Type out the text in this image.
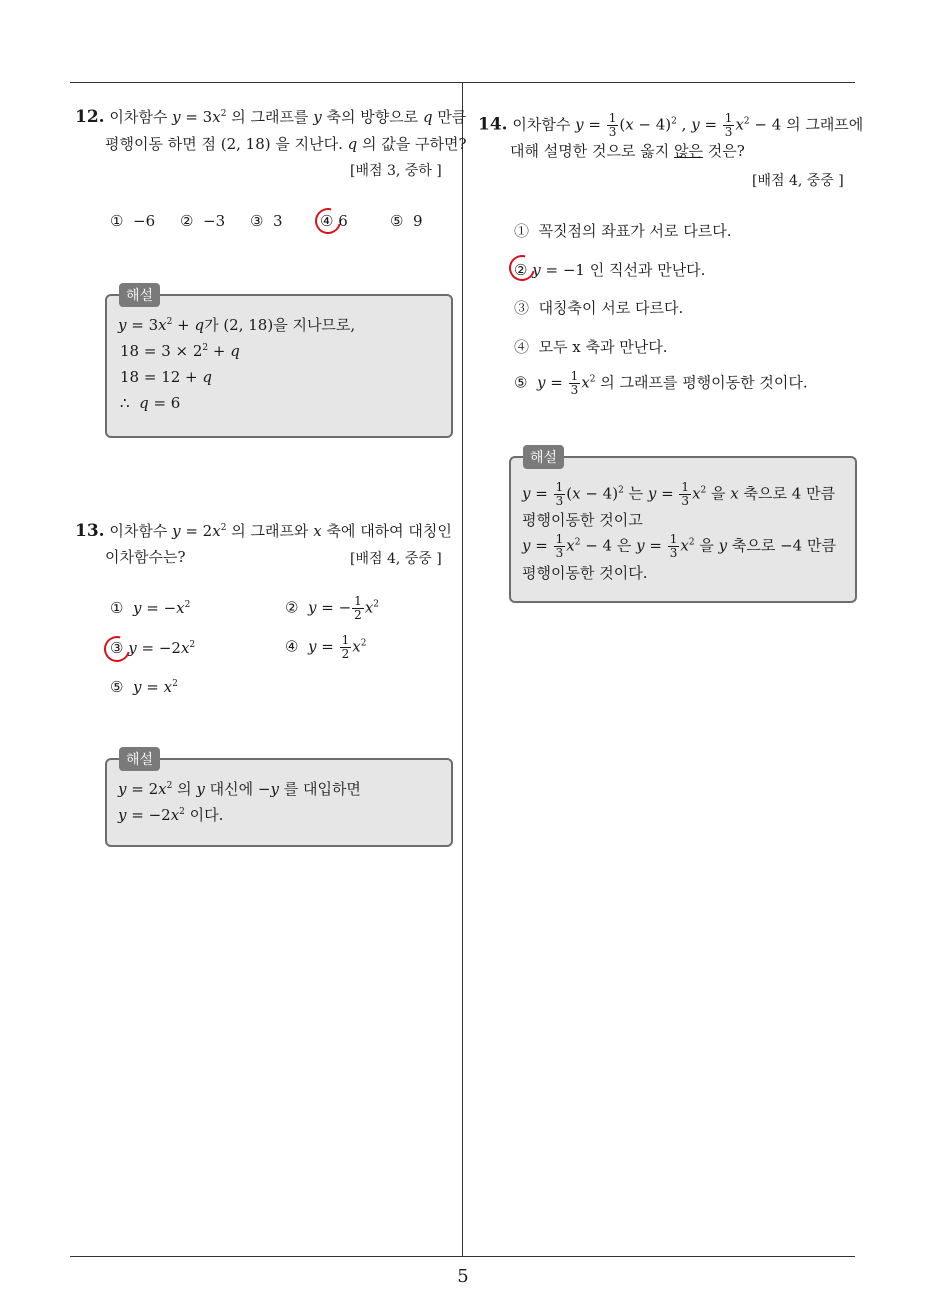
5
12. 이차함수 $y = 3x^2$ 의 그래프를 y 축의 방향으로 q 만큼
평행이동 하면 점 (2, 18) 을 지난다. q 의 값을 구하면?
[배점 3, 중하 ]
① −6 ② −3 ③ 3 ④ 6	⑤ 9
해설
$y = 3x^2 + q$가 (2, 18)을 지나므로,
$18 = 3 \times 2^2 + q$
18 = 12 + q
∴ q = 6
13. 이차함수 $y = 2x^2$ 의 그래프와 x 축에 대하여 대칭인
이차함수는?	[배점 4, 중중 ]
① $y = -x^2$	② y = − $\frac{1}{2} x^2$
③ $y = -2x^2$	④ $y = \frac{1}{2} x^2$
⑤ $y = x^2$
해설
$y = 2x^2$ 의 y 대신에 −y 를 대입하면
$y = -2x^2$ 이다.
14. 이차함수 $y = \frac{1}{3} (x - 4)^2$ , $y = \frac{1}{3} x^2 - 4$ 의 그래프에
대해 설명한 것으로 옳지 않은 것은?
[배점 4, 중중 ]
① 꼭짓점의 좌표가 서로 다르다.
② y = −1 인 직선과 만난다.
③ 대칭축이 서로 다르다.
④ 모두 x 축과 만난다.
⑤ $y = \frac{1}{3} x^2$ 의 그래프를 평행이동한 것이다.
해설
$y = \frac{1}{3} (x - 4)^2$ 는 $y = \frac{1}{3} x^2$ 을 x 축으로 4 만큼
평행이동한 것이고
$y = \frac{1}{3} x^2 - 4$ 은 $y = \frac{1}{3} x^2$ 을 y 축으로 −4 만큼
평행이동한 것이다.
